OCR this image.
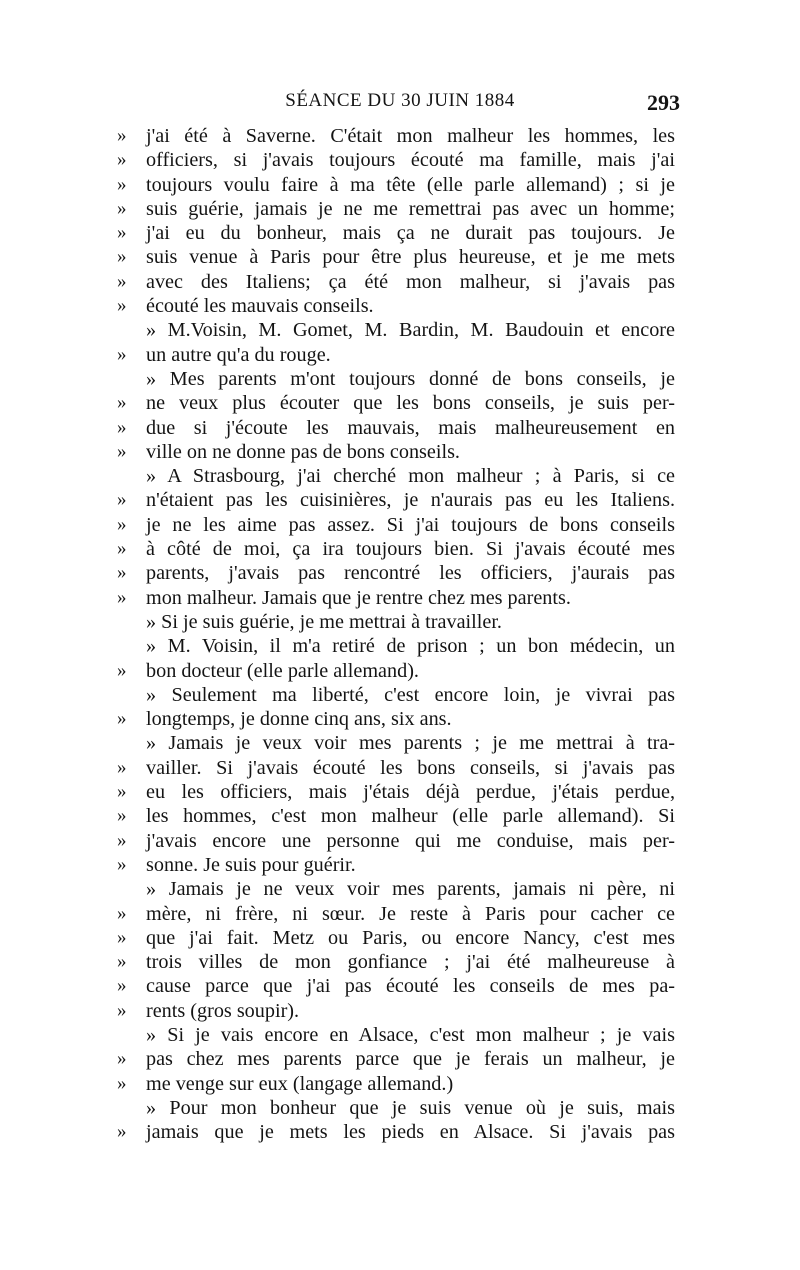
SÉANCE DU 30 JUIN 1884	293
» j'ai été à Saverne. C'était mon malheur les hommes, les
» officiers, si j'avais toujours écouté ma famille, mais j'ai
» toujours voulu faire à ma tête (elle parle allemand) ; si je
» suis guérie, jamais je ne me remettrai pas avec un homme;
» j'ai eu du bonheur, mais ça ne durait pas toujours. Je
» suis venue à Paris pour être plus heureuse, et je me mets
» avec des Italiens; ça été mon malheur, si j'avais pas
» écouté les mauvais conseils.
» M.Voisin, M. Gomet, M. Bardin, M. Baudouin et encore
» un autre qu'a du rouge.
» Mes parents m'ont toujours donné de bons conseils, je
» ne veux plus écouter que les bons conseils, je suis per-
» due si j'écoute les mauvais, mais malheureusement en
» ville on ne donne pas de bons conseils.
» A Strasbourg, j'ai cherché mon malheur ; à Paris, si ce
» n'étaient pas les cuisinières, je n'aurais pas eu les Italiens.
» je ne les aime pas assez. Si j'ai toujours de bons conseils
» à côté de moi, ça ira toujours bien. Si j'avais écouté mes
» parents, j'avais pas rencontré les officiers, j'aurais pas
» mon malheur. Jamais que je rentre chez mes parents.
» Si je suis guérie, je me mettrai à travailler.
» M. Voisin, il m'a retiré de prison ; un bon médecin, un
» bon docteur (elle parle allemand).
» Seulement ma liberté, c'est encore loin, je vivrai pas
» longtemps, je donne cinq ans, six ans.
» Jamais je veux voir mes parents ; je me mettrai à tra-
» vailler. Si j'avais écouté les bons conseils, si j'avais pas
» eu les officiers, mais j'étais déjà perdue, j'étais perdue,
» les hommes, c'est mon malheur (elle parle allemand). Si
» j'avais encore une personne qui me conduise, mais per-
» sonne. Je suis pour guérir.
» Jamais je ne veux voir mes parents, jamais ni père, ni
» mère, ni frère, ni sœur. Je reste à Paris pour cacher ce
» que j'ai fait. Metz ou Paris, ou encore Nancy, c'est mes
» trois villes de mon gonfiance ; j'ai été malheureuse à
» cause parce que j'ai pas écouté les conseils de mes pa-
» rents (gros soupir).
» Si je vais encore en Alsace, c'est mon malheur ; je vais
» pas chez mes parents parce que je ferais un malheur, je
» me venge sur eux (langage allemand.)
» Pour mon bonheur que je suis venue où je suis, mais
» jamais que je mets les pieds en Alsace. Si j'avais pas
